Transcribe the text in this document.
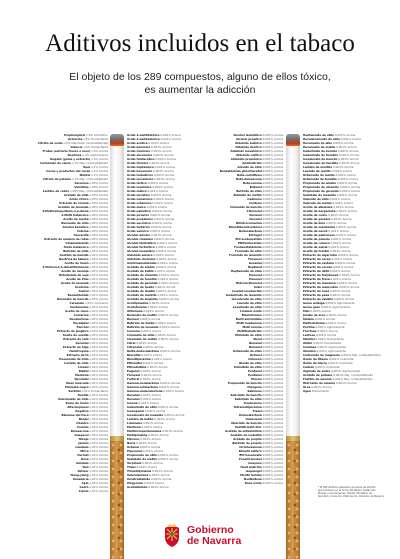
Aditivos incluidos en el tabaco
El objeto de los 289 compuestos, alguno de ellos tóxico,
es aumentar la adicción
Propilenglicol o,6% Aromático
Avicurina o,5% Humectante
Cítrato de sodio o,5% Mejorador combustibilidad
Glicerol o,4% Humectante
Frutas (extracto fresco o seco) o,4% Aroma
Dextrosa o,3% Aglomerante
Regaliz (goma y extracto) o,3% Aroma
Carbonato de calcio o,1% Mej. combustibilidad
Rum o,1% Aroma
Cacao y productos del cacao o,1% Aroma
Mentol o,1% Aroma
Citrato de potasio o,1% Mej. combustibilidad
Sacarosa o,05% Aroma
Vainillina o,05% Aroma
Lactato de calcio o,05% Mej. combustibilidad
Acetato de etilo o,03% Aroma
Ácido cítrico o,03% Aroma
Extracto de ciruela o,03% Aroma
Acetato de isoamilo o,02% Aroma
3-Metilciclopentano-1,2-diona o,02% Aroma
2-Metil butanoico o,02% Aroma
Aceite de menta o,02% Aroma
Benzoato de etilo o,02% Aroma
Alcohol bencílico o,02% Aroma
Cafeína o,02% Aroma
Cascarilla o,02% Aroma
Extracto de madera de roble o,02% Aroma
Cinamaldehído o,01% Aroma
Acido butanoico o,01% Aroma
Butirato de etilo o,01% Aroma
Acetato de benzilo o,01% Aroma
Dextrina de tabaco o,01% Aroma
Aceite de limón o,01% Aroma
4-Hidroxi-2,5-dimetilfuranona o,01% Aroma
Aceite de naranja o,01% Aroma
Hidrolizado de soja o,01% Aroma
Aceite de Pino o,01% Aroma
Aceite de lavanda o,01% Aroma
Acetoína o,01% Aroma
Anetol o,01% Aroma
Benzaldehído o,01% Aroma
Benzoato de bencilo o,01% Aroma
Caramelo o,01% Colorante
Cardamomo o,01% Aroma
Aceite de clavo o,01% Aroma
Cumarina o,01% Aroma
Decalactona o,01% Aroma
Eucaliptol o,01% Aroma
Fenchol o,01% Aroma
Extracto de jengibre o,01% Aroma
Aceite de eneldo o,01% Aroma
Extracto de café o,01% Aroma
Geraniol o,01% Aroma
Extracto de higo o,01% Aroma
Heliotropina o,01% Aroma
Extracto de té o,01% Aroma
Hexanoato de etilo o,01% Aroma
Lactato de etilo o,01% Aroma
Linalol o,01% Aroma
Maltol o,01% Aroma
Mentona o,01% Aroma
Nerolidol o,01% Aroma
Nuez moscada o,01% Aroma
Pimienta negra o,01% Aroma
Sorbitol o,01% Humectante
Tomillo o,01% Aroma
Valerianato de etilo o,01% Aroma
Zumo de limón o,01% Aroma
Alfa-terpineol o,01% Aroma
Angélica o,01% Aroma
Bálsamo del Perú o,01% Aroma
Benjuí o,01% Aroma
Cilantro o,01% Aroma
Comino o,01% Aroma
Damascona o,01% Aroma
Guayacol o,01% Aroma
Hinojo o,01% Aroma
Jazmín o,01% Aroma
Láudano o,01% Aroma
Mirra o,01% Aroma
Pachulí o,01% Aroma
Rosa o,01% Aroma
Sándalo o,01% Aroma
Tolú o,01% Aroma
Vetiver o,01% Aroma
Ylang-ylang o,01% Aroma
Zanahoria o,01% Aroma
Apio o,01% Aroma
Cedro o,01% Aroma
Ciprés o,01% Aroma
Ácido 2-metilbutírico 0,001% Aroma
Ácido 2-metilvalérico 0,001% Aroma
Ácido acético 0,001% Aroma
Ácido benzoico 0,001% Aroma
Ácido cinámico 0,001% Aroma
Ácido decanoico 0,001% Aroma
Ácido fenilacético 0,001% Aroma
Ácido fórmico 0,001% Aroma
Ácido heptanoico 0,001% Aroma
Ácido hexanoico 0,001% Aroma
Ácido isobutírico 0,001% Aroma
Ácido isovalérico 0,001% Aroma
Ácido láctico 0,001% Aroma
Ácido levulínico 0,001% Aroma
Ácido málico 0,001% Aroma
Ácido mirístico 0,001% Aroma
Ácido nonanoico 0,001% Aroma
Ácido octanoico 0,001% Aroma
Ácido oleico 0,001% Aroma
Ácido palmítico 0,001% Aroma
Ácido pirúvico 0,001% Aroma
Ácido propiónico 0,001% Aroma
Ácido succínico 0,001% Aroma
Ácido tartárico 0,001% Aroma
Ácido valérico 0,001% Aroma
Alcohol anísico 0,001% Aroma
Alcohol cinámico 0,001% Aroma
Alcohol feniletílico 0,001% Aroma
Alcohol furfurílico 0,001% Aroma
Alcohol isoamílico 0,001% Aroma
Aldehído anísico 0,001% Aroma
Aldehído cinámico 0,001% Aroma
Amilcinamaldehído 0,001% Aroma
Acetato de anisilo 0,001% Aroma
Acetato de butilo 0,001% Aroma
Acetato de cinamilo 0,001% Aroma
Acetato de fenetilo 0,001% Aroma
Acetato de geranilo 0,001% Aroma
Acetato de hexilo 0,001% Aroma
Acetato de linalilo 0,001% Aroma
Acetato de mentilo 0,001% Aroma
Acetato de terpinilo 0,001% Aroma
Acetilpirazina 0,001% Aroma
Acetofenona 0,001% Aroma
Alilionona 0,001% Aroma
Benzoato de metilo 0,001% Aroma
Borneol 0,001% Aroma
Butirato de butilo 0,001% Aroma
Butirato de isoamilo 0,001% Aroma
Carvona 0,001% Aroma
Cinamato de etilo 0,001% Aroma
Cinamato de metilo 0,001% Aroma
Citral 0,001% Aroma
Citronelol 0,001% Aroma
Delta-dodecalactona 0,001% Aroma
Diacetilo 0,001% Aroma
Dimetilpirazina 0,001% Aroma
Etilmaltol 0,001% Aroma
Etilvainillina 0,001% Aroma
Eugenol 0,001% Aroma
Farnesol 0,001% Aroma
Furfural 0,001% Aroma
Gamma-nonalactona 0,001% Aroma
Gamma-octalactona 0,001% Aroma
Gamma-undecalactona 0,001% Aroma
Hexanal 0,001% Aroma
Hexanol 0,001% Aroma
Ionona 0,001% Aroma
Isobutirato de etilo 0,001% Aroma
Isoeugenol 0,001% Aroma
Isovalerato de isoamilo 0,001% Aroma
Lactato de butilo 0,001% Aroma
Limoneno 0,001% Aroma
Mentona 0,001% Aroma
Metilciclopentenolona 0,001% Aroma
Metilpirazina 0,001% Aroma
Mirceno 0,001% Aroma
Nerol 0,001% Aroma
Octanal 0,001% Aroma
Piperonal 0,001% Aroma
Propionato de etilo 0,001% Aroma
Salicilato de metilo 0,001% Aroma
Terpineol 0,001% Aroma
Timol 0,001% Aroma
Trimetilpirazina 0,001% Aroma
Valerolactona 0,001% Aroma
Veratraldehído 0,001% Aroma
Zingerona 0,001% Aroma
Acetaldehído 0,001% Aroma
Alcohol isobutílico 0,001% Aroma
Alcohol propílico 0,001% Aroma
Aldehído butírico 0,001% Aroma
Aldehído decílico 0,001% Aroma
Aldehído isovalérico 0,001% Aroma
Aldehído octílico 0,001% Aroma
Aldehído propiónico 0,001% Aroma
Amilbutirato 0,001% Aroma
Anisato de etilo 0,001% Aroma
Benzaldehído glicerilacetal 0,001% Aroma
Beta-cariofileno 0,001% Aroma
Beta-damascona 0,001% Aroma
Beta-ionona 0,001% Aroma
Butanol 0,001% Aroma
Butirato de etilo 0,001% Aroma
Butirato de metilo 0,001% Aroma
Cadineno 0,001% Aroma
Canfeno 0,001% Aroma
Cinamato de bencilo 0,001% Aroma
Citronelal 0,001% Aroma
Decanal 0,001% Aroma
Decanol 0,001% Aroma
Dihidrocumarina 0,001% Aroma
Dimetilbencilcarbinol 0,001% Aroma
Dodecalactona 0,001% Aroma
Estragol 0,001% Aroma
Etil acetoacetato 0,001% Aroma
Etilfenilacetato 0,001% Aroma
Fenilacetaldehído 0,001% Aroma
Formiato de etilo 0,001% Aroma
Formiato de isoamilo 0,001% Aroma
Furaneol 0,001% Aroma
Geranial 0,001% Aroma
Heptanal 0,001% Aroma
Heptanoato de etilo 0,001% Aroma
Hexenal 0,001% Aroma
Hexenol 0,001% Aroma
Hidroxicitronelal 0,001% Aroma
Indol 0,001% Aroma
Isoamil isovalerato 0,001% Aroma
Isobutirato de isoamilo 0,001% Aroma
Isovalerato de etilo 0,001% Aroma
Laurato de etilo 0,001% Aroma
Levulinato de etilo 0,001% Aroma
Linalool óxido 0,001% Aroma
Mentofurano 0,001% Aroma
Metil antranilato 0,001% Aroma
Metil heptenona 0,001% Aroma
Metil ionona 0,001% Aroma
Metiltiobutirato 0,001% Aroma
Miristato de etilo 0,001% Aroma
Neral 0,001% Aroma
Nonanal 0,001% Aroma
Nonanol 0,001% Aroma
Octanoato de etilo 0,001% Aroma
Octanol 0,001% Aroma
Ocimeno 0,001% Aroma
Oleato de etilo 0,001% Aroma
Palmitato de etilo 0,001% Aroma
Pentanal 0,001% Aroma
Pentanol 0,001% Aroma
Pineno 0,001% Aroma
Propionato de bencilo 0,001% Aroma
Pulegona 0,001% Aroma
Sabineno 0,001% Aroma
Salicilato de bencilo 0,001% Aroma
Salicilato de etilo 0,001% Aroma
Terpinoleno 0,001% Aroma
Tetrametilpirazina 0,001% Aroma
Tiazol 0,001% Aroma
Undecalactona 0,001% Aroma
Undecanal 0,001% Aroma
Valeriato de bencilo 0,001% Aroma
Vainillil butil éter 0,001% Aroma
Acetato de etilvainillina 0,001% Aroma
Acetato de isobutilo 0,001% Aroma
Acetato de propilo 0,001% Aroma
Butirato de propilo 0,001% Aroma
Ciclohexanona 0,001% Aroma
Dimetil sulfuro 0,001% Aroma
Etil hexanoato 0,001% Aroma
Fenetil alcohol 0,001% Aroma
Guayeno 0,001% Aroma
Hexil butirato 0,001% Aroma
Isopulegol 0,001% Aroma
Mentil lactato 0,001% Aroma
Nootkatona 0,001% Aroma
Rosa óxido 0,001% Aroma
Heptanoato de etilo 0,001% Aroma
Hexadecanoato de etilo 0,001% Aroma
Hexanoato de alilo 0,001% Aroma
Hexanoato de metilo 0,001% Aroma
Isobutirato de bencilo 0,001% Aroma
Isobutirato de fenetilo 0,001% Aroma
Isovalerato de bencilo 0,001% Aroma
Isovalerato de fenetilo 0,001% Aroma
Lactato de mentilo 0,001% Aroma
Laurato de metilo 0,001% Aroma
Octanoato de metilo 0,001% Aroma
Octanoato de fenetilo 0,001% Aroma
Propionato de anisilo 0,001% Aroma
Propionato de cinamilo 0,001% Aroma
Propionato de geranilo 0,001% Aroma
Salicilato de isoamilo 0,001% Aroma
Valerato de etilo 0,001% Aroma
Valerato de metilo 0,001% Aroma
Aceite de albahaca 0,001% Aroma
Aceite de bergamota 0,001% Aroma
Aceite de cedro 0,001% Aroma
Aceite de geranio 0,001% Aroma
Aceite de lima 0,001% Aroma
Aceite de mandarina 0,001% Aroma
Aceite de neroli 0,001% Aroma
Aceite de palmarosa 0,001% Aroma
Aceite de pomelo 0,001% Aroma
Aceite de romero 0,001% Aroma
Aceite de salvia 0,001% Aroma
Aceite de tomillo 0,001% Aroma
Extracto de algarroba 0,001% Aroma
Extracto de cacao 0,001% Aroma
Extracto de castaña 0,001% Aroma
Extracto de cereza 0,001% Aroma
Extracto de dátil 0,001% Aroma
Extracto de frambuesa 0,001% Aroma
Extracto de fresa 0,001% Aroma
Extracto de manzana 0,001% Aroma
Extracto de melocotón 0,001% Aroma
Extracto de nuez 0,001% Aroma
Extracto de pasa 0,001% Aroma
Extracto de vainilla 0,001% Aroma
Goma arábiga 0,001% Aglomerante
Goma guar 0,001% Aglomerante
Miel 0,001% Aroma
Jarabe de arce 0,001% Aroma
Melaza 0,001% Aroma
Maltodextrina 0,001% Aroma
Pectina 0,001% Aglomerante
Fructosa 0,001% Aroma
Lactosa 0,001% Aroma
Manitol 0,001% Humectante
Xilitol 0,001% Humectante
Celulosa 0,001% Aglomerante
Almidón 0,001% Aglomerante
Carbonato de magnesio 0,001% Mej. combustibilidad
Óxido de titanio 0,001% Colorante
Óxido de hierro 0,001% Colorante
Carbón 0,001% Colorante
Alginato de sodio 0,001% Aglomerante
Acetato de potasio 0,001% Mej. combustibilidad
Fosfato de amonio 0,001% Mej. combustibilidad
Hidróxido de amonio 0,001% Aroma
Urea 0,001% Aroma
Agua Humectante
* El 289 aditivos presentan una serie de efectos
que producen en el humo del tabaco sustancias
tóxicas y cancerígenas. Fuente: Ministerio de
Sanidad y Consumo. Elaboración: Gobierno de Navarra.
Gobierno
de Navarra
